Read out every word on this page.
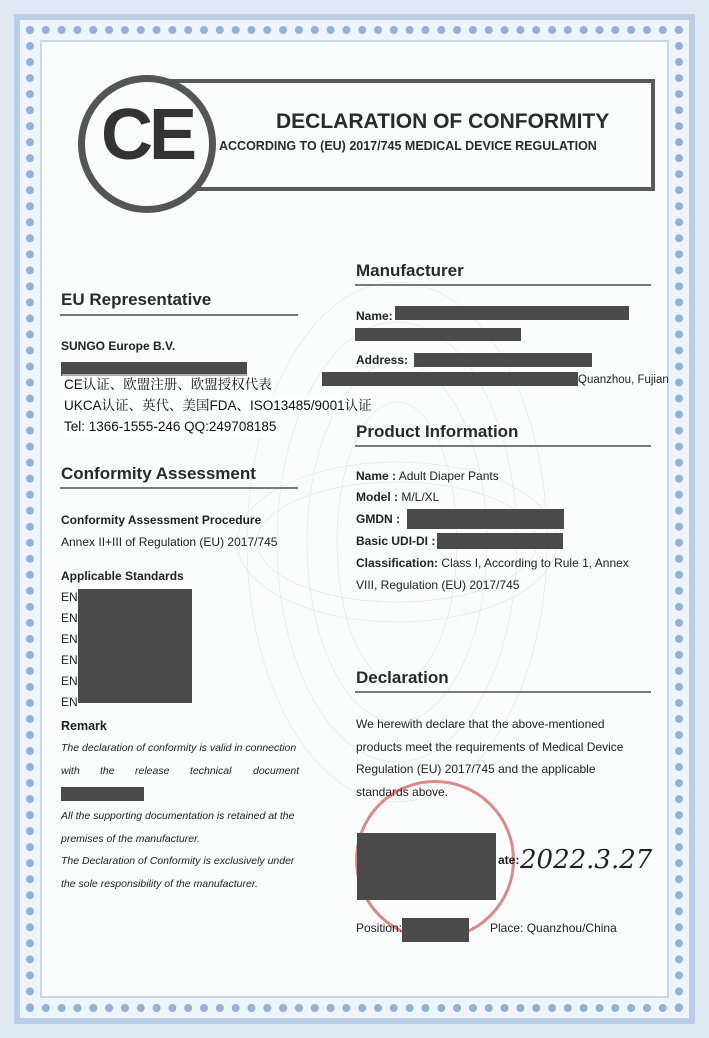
CE	DECLARATION OF CONFORMITY
ACCORDING TO (EU) 2017/745 MEDICAL DEVICE REGULATION
EU Representative
SUNGO Europe B.V.
CE认证、欧盟注册、欧盟授权代表
UKCA认证、英代、美国FDA、ISO13485/9001认证
Tel: 1366-1555-246 QQ:249708185
Conformity Assessment
Conformity Assessment Procedure
Annex II+III of Regulation (EU) 2017/745
Applicable Standards
EN
EN
EN
EN
EN
EN
Remark
The declaration of conformity is valid in connection
with the release technical document
All the supporting documentation is retained at the
premises of the manufacturer.
The Declaration of Conformity is exclusively under
the sole responsibility of the manufacturer.
Manufacturer
Name:
Address:
Quanzhou, Fujian
Product Information
Name : Adult Diaper Pants
Model : M/L/XL
GMDN :
Basic UDI-DI :
Classification: Class I, According to Rule 1, Annex
VIII, Regulation (EU) 2017/745
Declaration
We herewith declare that the above-mentioned
products meet the requirements of Medical Device
Regulation (EU) 2017/745 and the applicable
standards above.
ate: 2022.3.27
Position:	Place: Quanzhou/China
